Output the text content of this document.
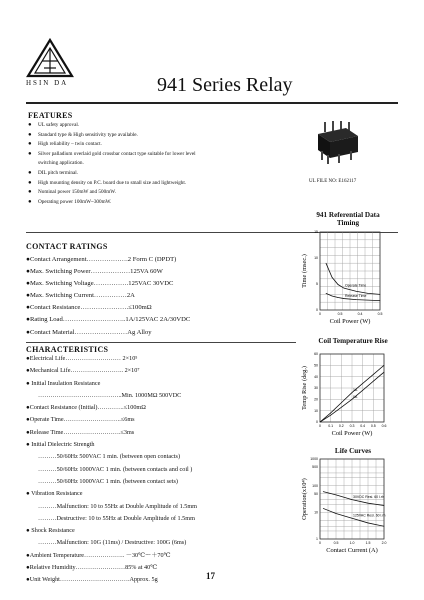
HSIN DA	941 Series Relay
FEATURES
● UL safety approval.
● Standard type & High sensitivity type available.
● High reliability – twin contact.
● Silver palladium overlaid gold crossbar contact type suitable for lower level
switching application.
● DIL pitch terminal.
● High mounting density on P.C. board due to small size and lightweight.
● Nominal power 150mW and 500mW.
● Operating power 100mW~300mW.
UL FILE NO: E162117
CONTACT RATINGS
●Contact Arrangement……………….2 Form C (DPDT)
●Max. Switching Power………………125VA 60W
●Max. Switching Voltage…………….125VAC 30VDC
●Max. Switching Current……………2A
●Contact Resistance………………….≤100mΩ
●Rating Load………………………..1A/125VAC 2A/30VDC
●Contact Material……………………Ag Alloy
CHARACTERISTICS
●Electrical Life……………………… 2×10⁵
●Mechanical Life…………………….. 2×10⁷
● Initial Insulation Resistance
…………………………………..Min. 1000MΩ 500VDC
●Contact Resistance (Initial)………….≤100mΩ
●Operate Time……………………….≤6ms
●Release Time……………………….≤3ms
● Initial Dielectric Strength
………50/60Hz 500VAC 1 min. (between open contacts)
………50/60Hz 1000VAC 1 min. (between contacts and coil )
………50/60Hz 1000VAC 1 min. (between contact sets)
● Vibration Resistance
………Malfunction: 10 to 55Hz at Double Amplitude of 1.5mm
………Destructive: 10 to 55Hz at Double Amplitude of 1.5mm
● Shock Resistance
………Malfunction: 10G (11ms) / Destructive: 100G (6ms)
●Ambient Temperature……………….. －30℃～＋70℃
●Relative Humidity……………………85% at 40℃
●Unit Weight…………………………….Approx. 5g
941 Referential Data
Timing
0
5
10
15
0	0.5	0.4	0.5
Operate Time
Release Time
Coil Power (W)
Time (msec.)
Coil Temperature Rise
0
10
20
30
40
50
60
0 0.1 0.2 0.3 0.4 0.5 0.6
1A
0A
Coil Power (W)
Temp Rise (deg.)
Life Curves
1
10
50
100
500
1000
0	0.5	1.0	1.5	2.0
30VDC Resi. 60 l.rh
125VAC Resi. 60 l.rh
Contact Current (A)
Operation(x10⁴)
17
